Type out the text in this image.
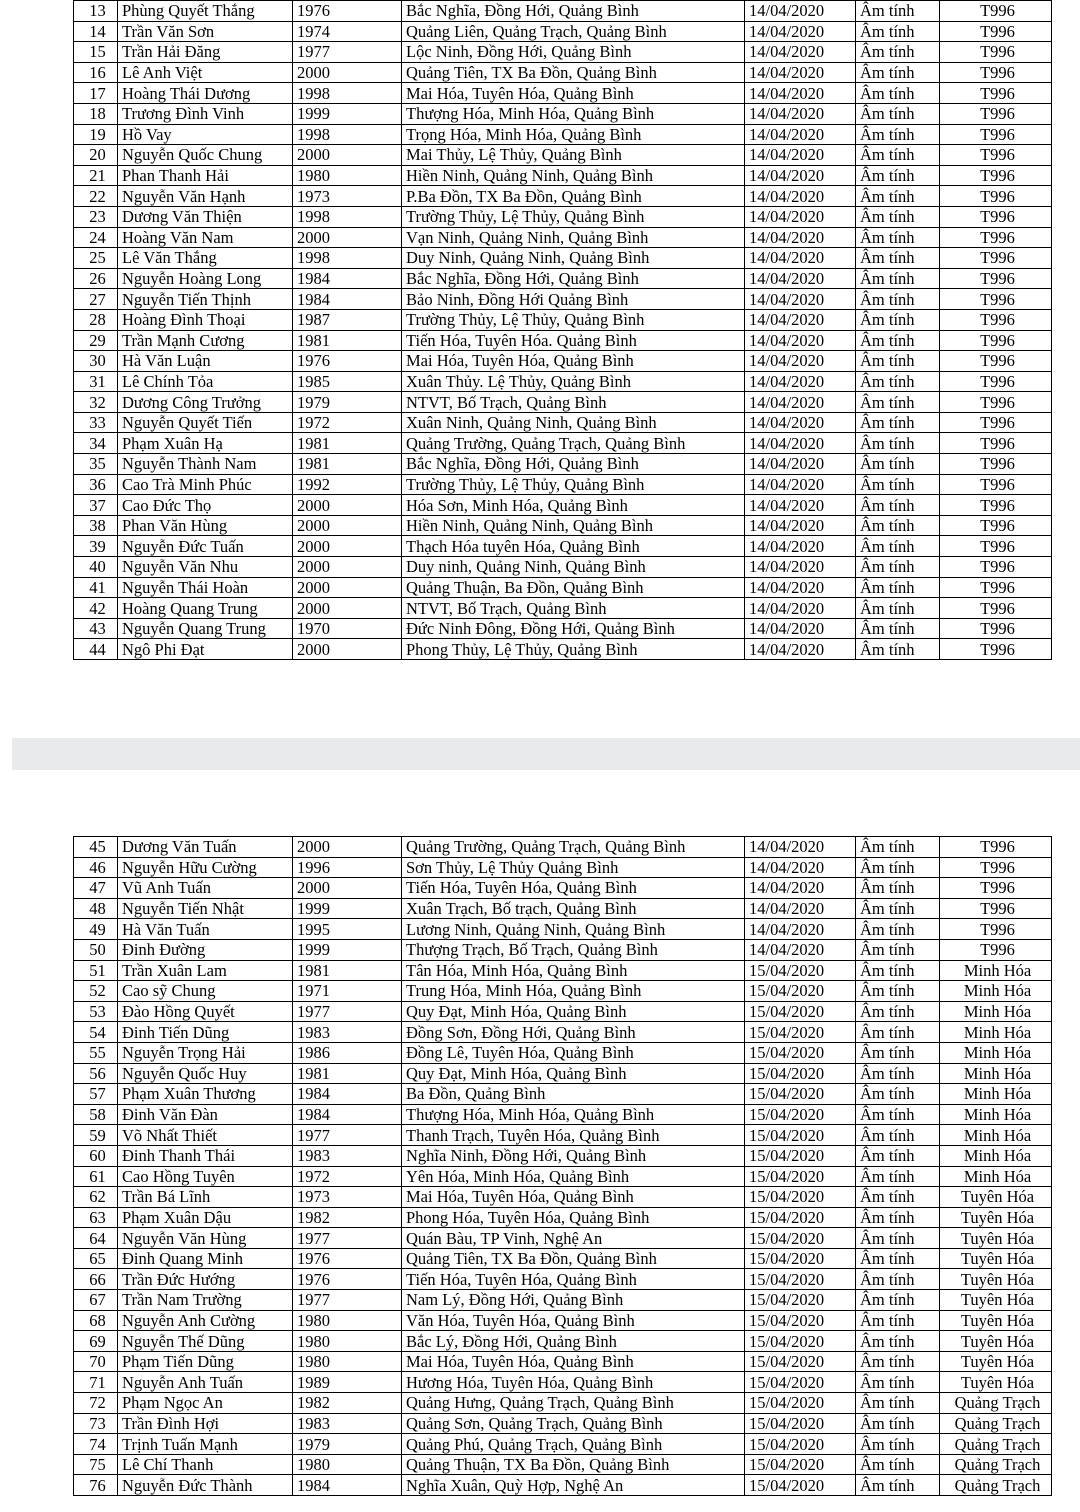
13	Phùng Quyết Thắng	1976	Bắc Nghĩa, Đồng Hới, Quảng Bình	14/04/2020	Âm tính	T996
14	Trần Văn Sơn	1974	Quảng Liên, Quảng Trạch, Quảng Bình	14/04/2020	Âm tính	T996
15	Trần Hải Đăng	1977	Lộc Ninh, Đồng Hới, Quảng Bình	14/04/2020	Âm tính	T996
16	Lê Anh Việt	2000	Quảng Tiên, TX Ba Đồn, Quảng Bình	14/04/2020	Âm tính	T996
17	Hoàng Thái Dương	1998	Mai Hóa, Tuyên Hóa, Quảng Bình	14/04/2020	Âm tính	T996
18	Trương Đình Vinh	1999	Thượng Hóa, Minh Hóa, Quảng Bình	14/04/2020	Âm tính	T996
19	Hồ Vay	1998	Trọng Hóa, Minh Hóa, Quảng Bình	14/04/2020	Âm tính	T996
20	Nguyễn Quốc Chung	2000	Mai Thủy, Lệ Thủy, Quảng Bình	14/04/2020	Âm tính	T996
21	Phan Thanh Hải	1980	Hiền Ninh, Quảng Ninh, Quảng Bình	14/04/2020	Âm tính	T996
22	Nguyễn Văn Hạnh	1973	P.Ba Đồn, TX Ba Đồn, Quảng Bình	14/04/2020	Âm tính	T996
23	Dương Văn Thiện	1998	Trường Thủy, Lệ Thủy, Quảng Bình	14/04/2020	Âm tính	T996
24	Hoàng Văn Nam	2000	Vạn Ninh, Quảng Ninh, Quảng Bình	14/04/2020	Âm tính	T996
25	Lê Văn Thắng	1998	Duy Ninh, Quảng Ninh, Quảng Bình	14/04/2020	Âm tính	T996
26	Nguyễn Hoàng Long	1984	Bắc Nghĩa, Đồng Hới, Quảng Bình	14/04/2020	Âm tính	T996
27	Nguyễn Tiến Thịnh	1984	Bảo Ninh, Đồng Hới Quảng Bình	14/04/2020	Âm tính	T996
28	Hoàng Đình Thoại	1987	Trường Thủy, Lệ Thủy, Quảng Bình	14/04/2020	Âm tính	T996
29	Trần Mạnh Cương	1981	Tiến Hóa, Tuyên Hóa. Quảng Bình	14/04/2020	Âm tính	T996
30	Hà Văn Luận	1976	Mai Hóa, Tuyên Hóa, Quảng Bình	14/04/2020	Âm tính	T996
31	Lê Chính Tỏa	1985	Xuân Thủy. Lệ Thủy, Quảng Bình	14/04/2020	Âm tính	T996
32	Dương Công Trưởng	1979	NTVT, Bố Trạch, Quảng Bình	14/04/2020	Âm tính	T996
33	Nguyễn Quyết Tiến	1972	Xuân Ninh, Quảng Ninh, Quảng Bình	14/04/2020	Âm tính	T996
34	Phạm Xuân Hạ	1981	Quảng Trường, Quảng Trạch, Quảng Bình	14/04/2020	Âm tính	T996
35	Nguyễn Thành Nam	1981	Bắc Nghĩa, Đồng Hới, Quảng Bình	14/04/2020	Âm tính	T996
36	Cao Trà Minh Phúc	1992	Trường Thủy, Lệ Thủy, Quảng Bình	14/04/2020	Âm tính	T996
37	Cao Đức Thọ	2000	Hóa Sơn, Minh Hóa, Quảng Bình	14/04/2020	Âm tính	T996
38	Phan Văn Hùng	2000	Hiền Ninh, Quảng Ninh, Quảng Bình	14/04/2020	Âm tính	T996
39	Nguyễn Đức Tuấn	2000	Thạch Hóa tuyên Hóa, Quảng Bình	14/04/2020	Âm tính	T996
40	Nguyễn Văn Nhu	2000	Duy ninh, Quảng Ninh, Quảng Bình	14/04/2020	Âm tính	T996
41	Nguyễn Thái Hoàn	2000	Quảng Thuận, Ba Đồn, Quảng Bình	14/04/2020	Âm tính	T996
42	Hoàng Quang Trung	2000	NTVT, Bố Trạch, Quảng Bình	14/04/2020	Âm tính	T996
43	Nguyễn Quang Trung	1970	Đức Ninh Đông, Đồng Hới, Quảng Bình	14/04/2020	Âm tính	T996
44	Ngô Phi Đạt	2000	Phong Thủy, Lệ Thủy, Quảng Bình	14/04/2020	Âm tính	T996
45	Dương Văn Tuấn	2000	Quảng Trường, Quảng Trạch, Quảng Bình	14/04/2020	Âm tính	T996
46	Nguyễn Hữu Cường	1996	Sơn Thủy, Lệ Thủy Quảng Bình	14/04/2020	Âm tính	T996
47	Vũ Anh Tuấn	2000	Tiến Hóa, Tuyên Hóa, Quảng Bình	14/04/2020	Âm tính	T996
48	Nguyễn Tiến Nhật	1999	Xuân Trạch, Bố trạch, Quảng Bình	14/04/2020	Âm tính	T996
49	Hà Văn Tuấn	1995	Lương Ninh, Quảng Ninh, Quảng Bình	14/04/2020	Âm tính	T996
50	Đinh Đường	1999	Thượng Trạch, Bố Trạch, Quảng Bình	14/04/2020	Âm tính	T996
51	Trần Xuân Lam	1981	Tân Hóa, Minh Hóa, Quảng Bình	15/04/2020	Âm tính	Minh Hóa
52	Cao sỹ Chung	1971	Trung Hóa, Minh Hóa, Quảng Bình	15/04/2020	Âm tính	Minh Hóa
53	Đào Hồng Quyết	1977	Quy Đạt, Minh Hóa, Quảng Bình	15/04/2020	Âm tính	Minh Hóa
54	Đinh Tiến Dũng	1983	Đồng Sơn, Đồng Hới, Quảng Bình	15/04/2020	Âm tính	Minh Hóa
55	Nguyễn Trọng Hải	1986	Đồng Lê, Tuyên Hóa, Quảng Bình	15/04/2020	Âm tính	Minh Hóa
56	Nguyễn Quốc Huy	1981	Quy Đạt, Minh Hóa, Quảng Bình	15/04/2020	Âm tính	Minh Hóa
57	Phạm Xuân Thương	1984	Ba Đồn, Quảng Bình	15/04/2020	Âm tính	Minh Hóa
58	Đinh Văn Đàn	1984	Thượng Hóa, Minh Hóa, Quảng Bình	15/04/2020	Âm tính	Minh Hóa
59	Võ Nhất Thiết	1977	Thanh Trạch, Tuyên Hóa, Quảng Bình	15/04/2020	Âm tính	Minh Hóa
60	Đinh Thanh Thái	1983	Nghĩa Ninh, Đồng Hới, Quảng Bình	15/04/2020	Âm tính	Minh Hóa
61	Cao Hồng Tuyên	1972	Yên Hóa, Minh Hóa, Quảng Bình	15/04/2020	Âm tính	Minh Hóa
62	Trần Bá Lĩnh	1973	Mai Hóa, Tuyên Hóa, Quảng Bình	15/04/2020	Âm tính	Tuyên Hóa
63	Phạm Xuân Dậu	1982	Phong Hóa, Tuyên Hóa, Quảng Bình	15/04/2020	Âm tính	Tuyên Hóa
64	Nguyễn Văn Hùng	1977	Quán Bàu, TP Vinh, Nghệ An	15/04/2020	Âm tính	Tuyên Hóa
65	Đinh Quang Minh	1976	Quảng Tiên, TX Ba Đồn, Quảng Bình	15/04/2020	Âm tính	Tuyên Hóa
66	Trần Đức Hướng	1976	Tiến Hóa, Tuyên Hóa, Quảng Bình	15/04/2020	Âm tính	Tuyên Hóa
67	Trần Nam Trường	1977	Nam Lý, Đồng Hới, Quảng Bình	15/04/2020	Âm tính	Tuyên Hóa
68	Nguyễn Anh Cường	1980	Văn Hóa, Tuyên Hóa, Quảng Bình	15/04/2020	Âm tính	Tuyên Hóa
69	Nguyễn Thế Dũng	1980	Bắc Lý, Đồng Hới, Quảng Bình	15/04/2020	Âm tính	Tuyên Hóa
70	Phạm Tiến Dũng	1980	Mai Hóa, Tuyên Hóa, Quảng Bình	15/04/2020	Âm tính	Tuyên Hóa
71	Nguyễn Anh Tuấn	1989	Hương Hóa, Tuyên Hóa, Quảng Bình	15/04/2020	Âm tính	Tuyên Hóa
72	Phạm Ngọc An	1982	Quảng Hưng, Quảng Trạch, Quảng Bình	15/04/2020	Âm tính	Quảng Trạch
73	Trần Đình Hợi	1983	Quảng Sơn, Quảng Trạch, Quảng Bình	15/04/2020	Âm tính	Quảng Trạch
74	Trịnh Tuấn Mạnh	1979	Quảng Phú, Quảng Trạch, Quảng Bình	15/04/2020	Âm tính	Quảng Trạch
75	Lê Chí Thanh	1980	Quảng Thuận, TX Ba Đồn, Quảng Bình	15/04/2020	Âm tính	Quảng Trạch
76	Nguyễn Đức Thành	1984	Nghĩa Xuân, Quỳ Hợp, Nghệ An	15/04/2020	Âm tính	Quảng Trạch
